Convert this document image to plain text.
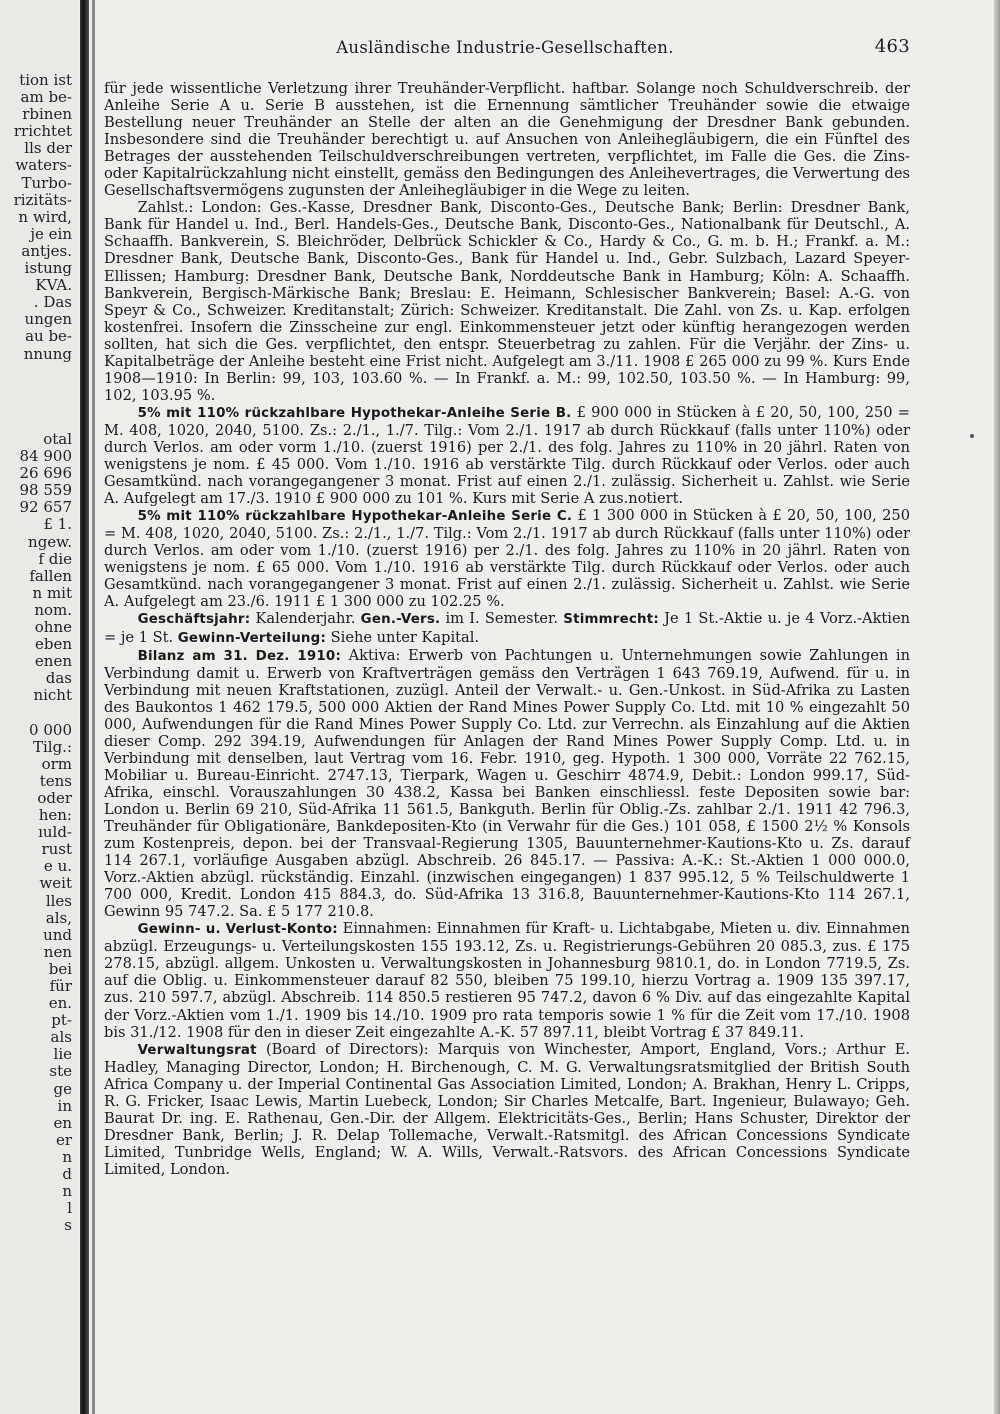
tion ist
am be-
rbinen
rrichtet
lls der
waters-
Turbo-
rizitäts-
n wird,
je ein
antjes.
istung
KVA.
. Das
ungen
au be-
nnung
otal
84 900
26 696
98 559
92 657
£ 1.
ngew.
f die
fallen
n mit
nom.
ohne
eben
enen
das
nicht
0 000
Tilg.:
orm
tens
oder
hen:
ıuld-
rust
e u.
weit
lles
als,
und
nen
bei
für
en.
pt-
als
lie
ste
ge
in
en
er
n
d
n
l
s
Ausländische Industrie-Gesellschaften.	463

für jede wissentliche Verletzung ihrer Treuhänder-Verpflicht. haftbar. Solange noch Schuldverschreib. der Anleihe Serie A u. Serie B ausstehen, ist die Ernennung sämtlicher Treuhänder sowie die etwaige Bestellung neuer Treuhänder an Stelle der alten an die Genehmigung der Dresdner Bank gebunden. Insbesondere sind die Treuhänder berechtigt u. auf Ansuchen von Anleihegläubigern, die ein Fünftel des Betrages der ausstehenden Teilschuldverschreibungen vertreten, verpflichtet, im Falle die Ges. die Zins- oder Kapitalrückzahlung nicht einstellt, gemäss den Bedingungen des Anleihevertrages, die Verwertung des Gesellschaftsvermögens zugunsten der Anleihegläubiger in die Wege zu leiten.

Zahlst.: London: Ges.-Kasse, Dresdner Bank, Disconto-Ges., Deutsche Bank; Berlin: Dresdner Bank, Bank für Handel u. Ind., Berl. Handels-Ges., Deutsche Bank, Disconto-Ges., Nationalbank für Deutschl., A. Schaaffh. Bankverein, S. Bleichröder, Delbrück Schickler & Co., Hardy & Co., G. m. b. H.; Frankf. a. M.: Dresdner Bank, Deutsche Bank, Disconto-Ges., Bank für Handel u. Ind., Gebr. Sulzbach, Lazard Speyer-Ellissen; Hamburg: Dresdner Bank, Deutsche Bank, Norddeutsche Bank in Hamburg; Köln: A. Schaaffh. Bankverein, Bergisch-Märkische Bank; Breslau: E. Heimann, Schlesischer Bankverein; Basel: A.-G. von Speyr & Co., Schweizer. Kreditanstalt; Zürich: Schweizer. Kreditanstalt. Die Zahl. von Zs. u. Kap. erfolgen kostenfrei. Insofern die Zinsscheine zur engl. Einkommensteuer jetzt oder künftig herangezogen werden sollten, hat sich die Ges. verpflichtet, den entspr. Steuerbetrag zu zahlen. Für die Verjähr. der Zins- u. Kapitalbeträge der Anleihe besteht eine Frist nicht. Aufgelegt am 3./11. 1908 £ 265 000 zu 99 %. Kurs Ende 1908—1910: In Berlin: 99, 103, 103.60 %. — In Frankf. a. M.: 99, 102.50, 103.50 %. — In Hamburg: 99, 102, 103.95 %.

5% mit 110% rückzahlbare Hypothekar-Anleihe Serie B. £ 900 000 in Stücken à £ 20, 50, 100, 250 = M. 408, 1020, 2040, 5100. Zs.: 2./1., 1./7. Tilg.: Vom 2./1. 1917 ab durch Rückkauf (falls unter 110%) oder durch Verlos. am oder vorm 1./10. (zuerst 1916) per 2./1. des folg. Jahres zu 110% in 20 jährl. Raten von wenigstens je nom. £ 45 000. Vom 1./10. 1916 ab verstärkte Tilg. durch Rückkauf oder Verlos. oder auch Gesamtkünd. nach vorangegangener 3 monat. Frist auf einen 2./1. zulässig. Sicherheit u. Zahlst. wie Serie A. Aufgelegt am 17./3. 1910 £ 900 000 zu 101 %. Kurs mit Serie A zus.notiert.

5% mit 110% rückzahlbare Hypothekar-Anleihe Serie C. £ 1 300 000 in Stücken à £ 20, 50, 100, 250 = M. 408, 1020, 2040, 5100. Zs.: 2./1., 1./7. Tilg.: Vom 2./1. 1917 ab durch Rückkauf (falls unter 110%) oder durch Verlos. am oder vom 1./10. (zuerst 1916) per 2./1. des folg. Jahres zu 110% in 20 jährl. Raten von wenigstens je nom. £ 65 000. Vom 1./10. 1916 ab verstärkte Tilg. durch Rückkauf oder Verlos. oder auch Gesamtkünd. nach vorangegangener 3 monat. Frist auf einen 2./1. zulässig. Sicherheit u. Zahlst. wie Serie A. Aufgelegt am 23./6. 1911 £ 1 300 000 zu 102.25 %.

Geschäftsjahr: Kalenderjahr. Gen.-Vers. im I. Semester. Stimmrecht: Je 1 St.-Aktie u. je 4 Vorz.-Aktien = je 1 St. Gewinn-Verteilung: Siehe unter Kapital.

Bilanz am 31. Dez. 1910: Aktiva: Erwerb von Pachtungen u. Unternehmungen sowie Zahlungen in Verbindung damit u. Erwerb von Kraftverträgen gemäss den Verträgen 1 643 769.19, Aufwend. für u. in Verbindung mit neuen Kraftstationen, zuzügl. Anteil der Verwalt.- u. Gen.-Unkost. in Süd-Afrika zu Lasten des Baukontos 1 462 179.5, 500 000 Aktien der Rand Mines Power Supply Co. Ltd. mit 10 % eingezahlt 50 000, Aufwendungen für die Rand Mines Power Supply Co. Ltd. zur Verrechn. als Einzahlung auf die Aktien dieser Comp. 292 394.19, Aufwendungen für Anlagen der Rand Mines Power Supply Comp. Ltd. u. in Verbindung mit denselben, laut Vertrag vom 16. Febr. 1910, geg. Hypoth. 1 300 000, Vorräte 22 762.15, Mobiliar u. Bureau-Einricht. 2747.13, Tierpark, Wagen u. Geschirr 4874.9, Debit.: London 999.17, Süd-Afrika, einschl. Vorauszahlungen 30 438.2, Kassa bei Banken einschliessl. feste Depositen sowie bar: London u. Berlin 69 210, Süd-Afrika 11 561.5, Bankguth. Berlin für Oblig.-Zs. zahlbar 2./1. 1911 42 796.3, Treuhänder für Obligationäre, Bankdepositen-Kto (in Verwahr für die Ges.) 101 058, £ 1500 2½ % Konsols zum Kostenpreis, depon. bei der Transvaal-Regierung 1305, Bauunternehmer-Kautions-Kto u. Zs. darauf 114 267.1, vorläufige Ausgaben abzügl. Abschreib. 26 845.17. — Passiva: A.-K.: St.-Aktien 1 000 000.0, Vorz.-Aktien abzügl. rückständig. Einzahl. (inzwischen eingegangen) 1 837 995.12, 5 % Teilschuldwerte 1 700 000, Kredit. London 415 884.3, do. Süd-Afrika 13 316.8, Bauunternehmer-Kautions-Kto 114 267.1, Gewinn 95 747.2. Sa. £ 5 177 210.8.

Gewinn- u. Verlust-Konto: Einnahmen: Einnahmen für Kraft- u. Lichtabgabe, Mieten u. div. Einnahmen abzügl. Erzeugungs- u. Verteilungskosten 155 193.12, Zs. u. Registrierungs-Gebühren 20 085.3, zus. £ 175 278.15, abzügl. allgem. Unkosten u. Verwaltungskosten in Johannesburg 9810.1, do. in London 7719.5, Zs. auf die Oblig. u. Einkommensteuer darauf 82 550, bleiben 75 199.10, hierzu Vortrag a. 1909 135 397.17, zus. 210 597.7, abzügl. Abschreib. 114 850.5 restieren 95 747.2, davon 6 % Div. auf das eingezahlte Kapital der Vorz.-Aktien vom 1./1. 1909 bis 14./10. 1909 pro rata temporis sowie 1 % für die Zeit vom 17./10. 1908 bis 31./12. 1908 für den in dieser Zeit eingezahlte A.-K. 57 897.11, bleibt Vortrag £ 37 849.11.

Verwaltungsrat (Board of Directors): Marquis von Winchester, Amport, England, Vors.; Arthur E. Hadley, Managing Director, London; H. Birchenough, C. M. G. Verwaltungsratsmitglied der British South Africa Company u. der Imperial Continental Gas Association Limited, London; A. Brakhan, Henry L. Cripps, R. G. Fricker, Isaac Lewis, Martin Luebeck, London; Sir Charles Metcalfe, Bart. Ingenieur, Bulawayo; Geh. Baurat Dr. ing. E. Rathenau, Gen.-Dir. der Allgem. Elektricitäts-Ges., Berlin; Hans Schuster, Direktor der Dresdner Bank, Berlin; J. R. Delap Tollemache, Verwalt.-Ratsmitgl. des African Concessions Syndicate Limited, Tunbridge Wells, England; W. A. Wills, Verwalt.-Ratsvors. des African Concessions Syndicate Limited, London.
